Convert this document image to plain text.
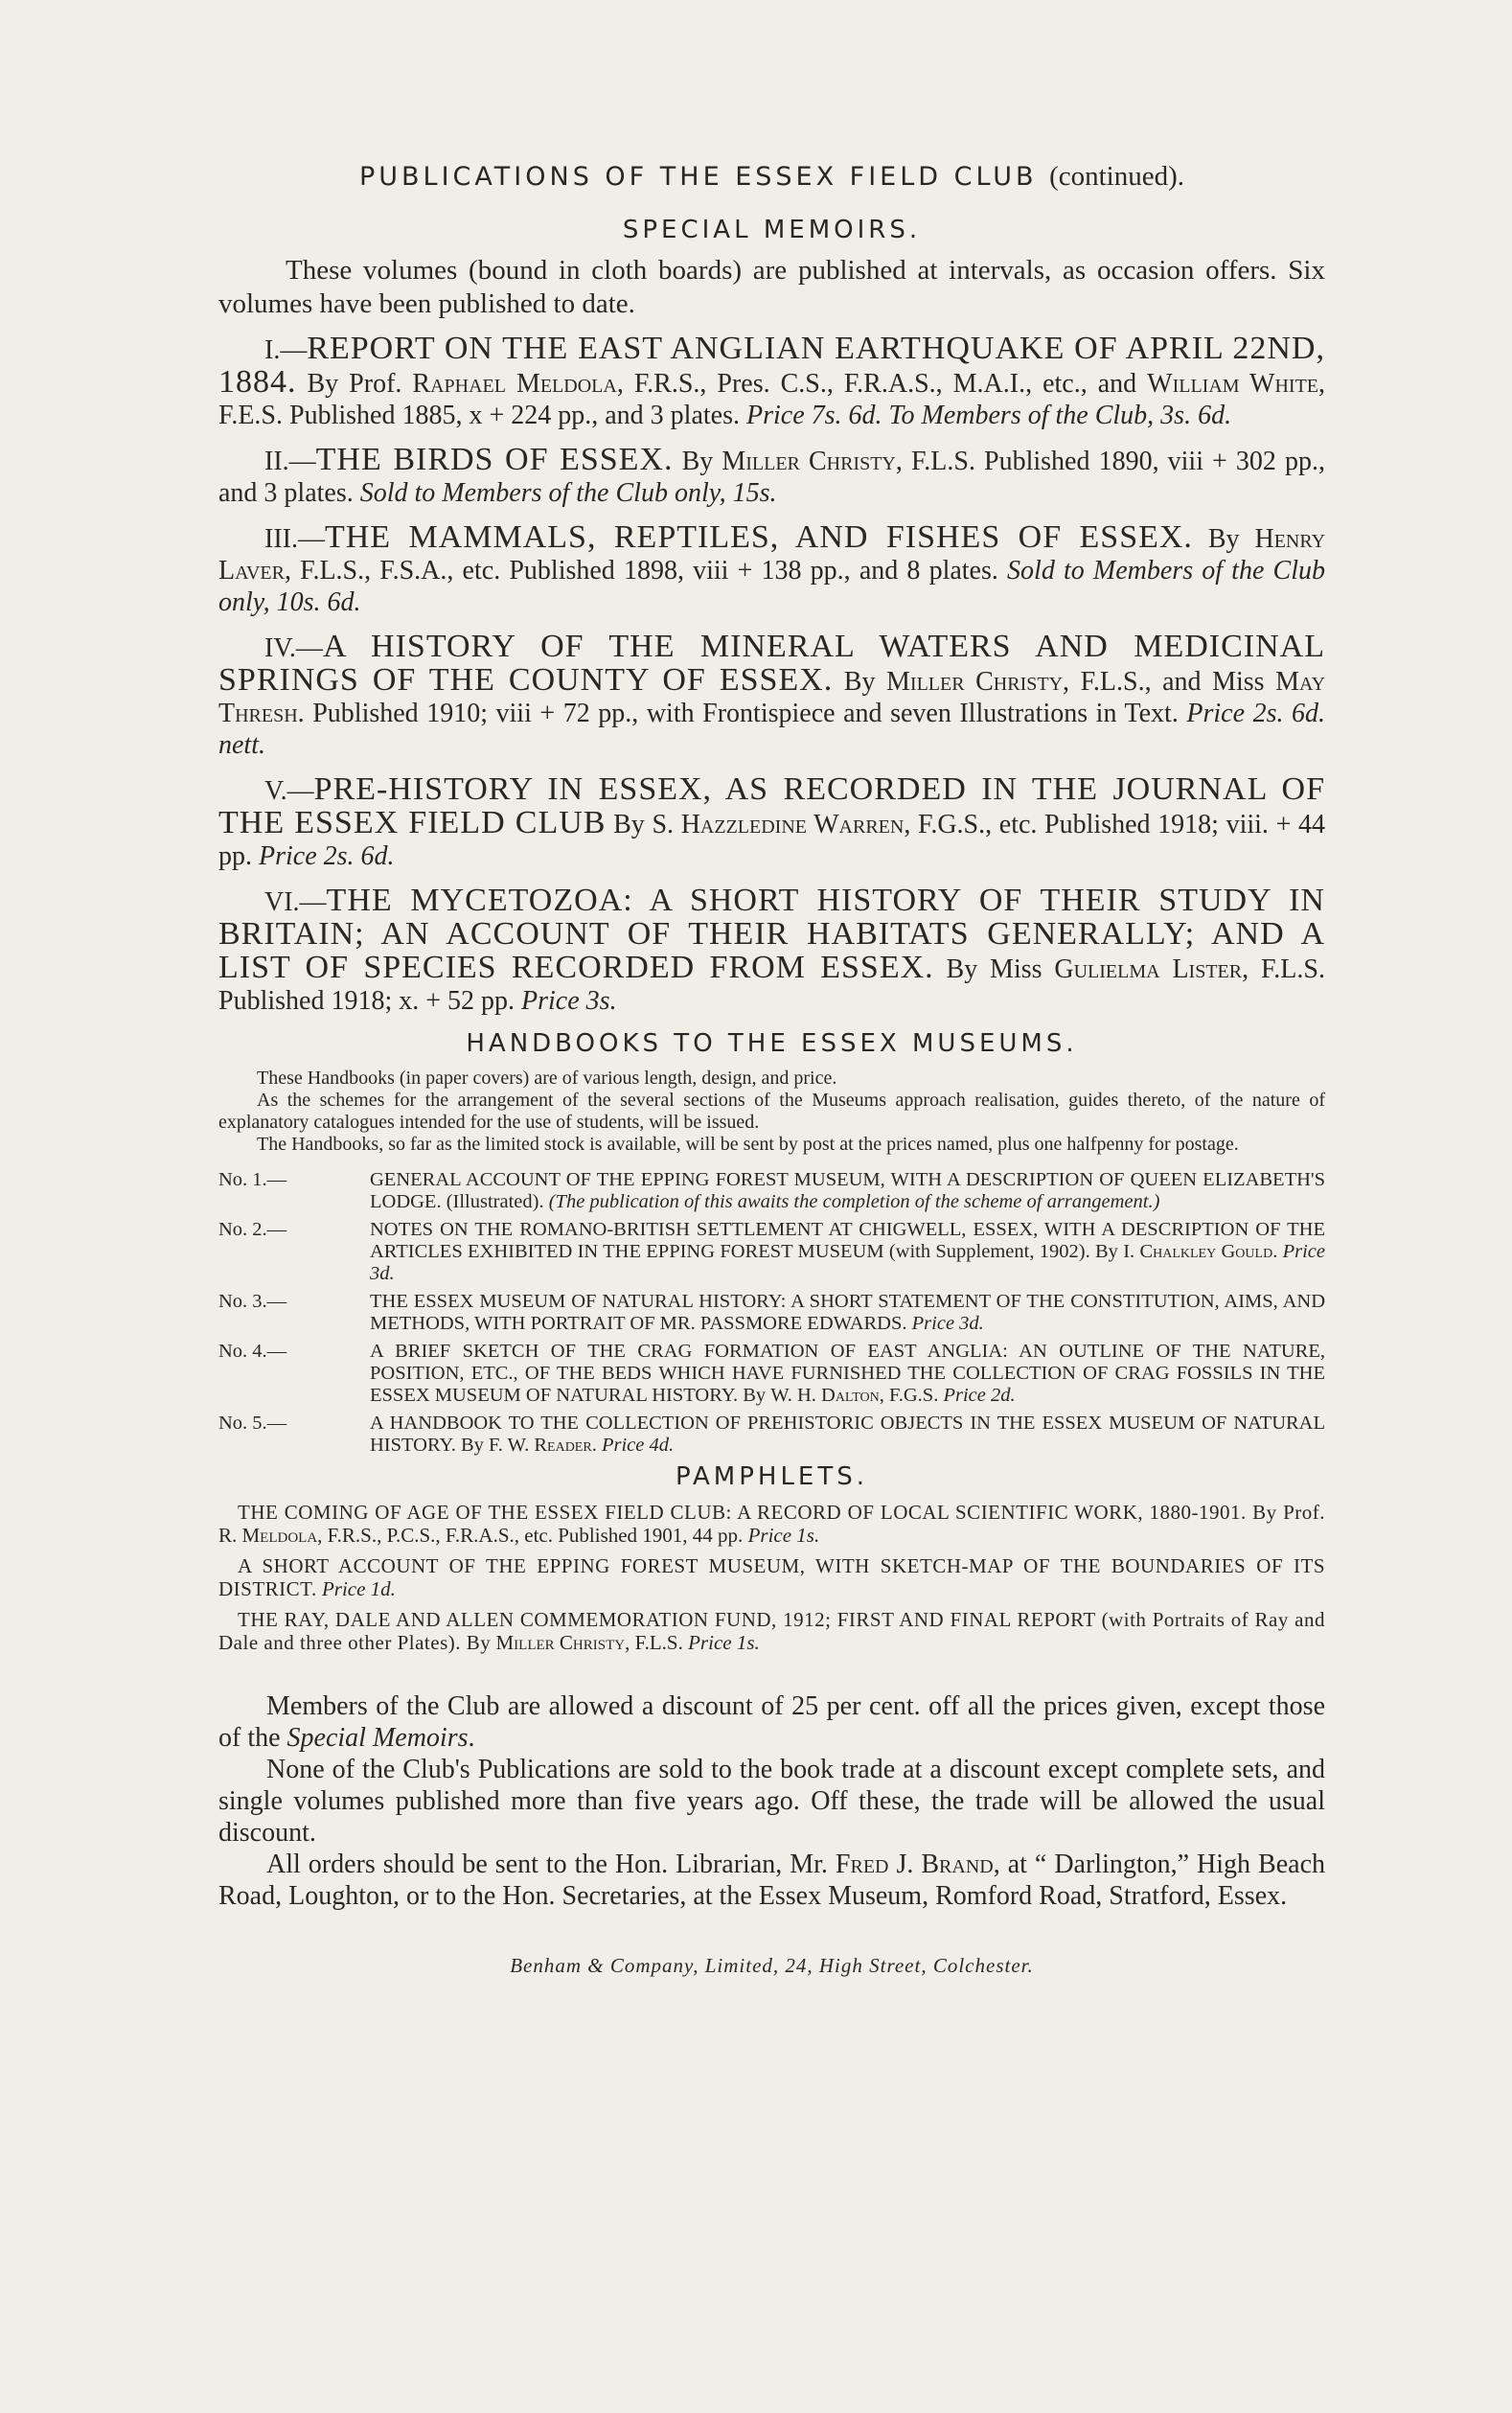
PUBLICATIONS OF THE ESSEX FIELD CLUB (continued).
SPECIAL MEMOIRS.

These volumes (bound in cloth boards) are published at intervals, as occasion offers. Six volumes have been published to date.

I.—REPORT ON THE EAST ANGLIAN EARTHQUAKE OF APRIL 22ND, 1884. By Prof. Raphael Meldola, F.R.S., Pres. C.S., F.R.A.S., M.A.I., etc., and William White, F.E.S. Published 1885, x + 224 pp., and 3 plates. Price 7s. 6d. To Members of the Club, 3s. 6d.

II.—THE BIRDS OF ESSEX. By Miller Christy, F.L.S. Published 1890, viii + 302 pp., and 3 plates. Sold to Members of the Club only, 15s.

III.—THE MAMMALS, REPTILES, AND FISHES OF ESSEX. By Henry Laver, F.L.S., F.S.A., etc. Published 1898, viii + 138 pp., and 8 plates. Sold to Members of the Club only, 10s. 6d.

IV.—A HISTORY OF THE MINERAL WATERS AND MEDICINAL SPRINGS OF THE COUNTY OF ESSEX. By Miller Christy, F.L.S., and Miss May Thresh. Published 1910; viii + 72 pp., with Frontispiece and seven Illustrations in Text. Price 2s. 6d. nett.

V.—PRE-HISTORY IN ESSEX, AS RECORDED IN THE JOURNAL OF THE ESSEX FIELD CLUB By S. Hazzledine Warren, F.G.S., etc. Published 1918; viii. + 44 pp. Price 2s. 6d.

VI.—THE MYCETOZOA: A SHORT HISTORY OF THEIR STUDY IN BRITAIN; AN ACCOUNT OF THEIR HABITATS GENERALLY; AND A LIST OF SPECIES RECORDED FROM ESSEX. By Miss Gulielma Lister, F.L.S. Published 1918; x. + 52 pp. Price 3s.

HANDBOOKS TO THE ESSEX MUSEUMS.

These Handbooks (in paper covers) are of various length, design, and price.

As the schemes for the arrangement of the several sections of the Museums approach realisation, guides thereto, of the nature of explanatory catalogues intended for the use of students, will be issued.

The Handbooks, so far as the limited stock is available, will be sent by post at the prices named, plus one halfpenny for postage.

No. 1.—	GENERAL ACCOUNT OF THE EPPING FOREST MUSEUM, WITH A DESCRIPTION OF QUEEN ELIZABETH'S LODGE. (Illustrated). (The publication of this awaits the completion of the scheme of arrangement.)

No. 2.—	NOTES ON THE ROMANO-BRITISH SETTLEMENT AT CHIGWELL, ESSEX, WITH A DESCRIPTION OF THE ARTICLES EXHIBITED IN THE EPPING FOREST MUSEUM (with Supplement, 1902). By I. Chalkley Gould. Price 3d.

No. 3.—	THE ESSEX MUSEUM OF NATURAL HISTORY: A SHORT STATEMENT OF THE CONSTITUTION, AIMS, AND METHODS, WITH PORTRAIT OF MR. PASSMORE EDWARDS. Price 3d.

No. 4.—	A BRIEF SKETCH OF THE CRAG FORMATION OF EAST ANGLIA: AN OUTLINE OF THE NATURE, POSITION, ETC., OF THE BEDS WHICH HAVE FURNISHED THE COLLECTION OF CRAG FOSSILS IN THE ESSEX MUSEUM OF NATURAL HISTORY. By W. H. Dalton, F.G.S. Price 2d.

No. 5.—	A HANDBOOK TO THE COLLECTION OF PREHISTORIC OBJECTS IN THE ESSEX MUSEUM OF NATURAL HISTORY. By F. W. Reader. Price 4d.

PAMPHLETS.

THE COMING OF AGE OF THE ESSEX FIELD CLUB: A RECORD OF LOCAL SCIENTIFIC WORK, 1880-1901. By Prof. R. Meldola, F.R.S., P.C.S., F.R.A.S., etc. Published 1901, 44 pp. Price 1s.

A SHORT ACCOUNT OF THE EPPING FOREST MUSEUM, WITH SKETCH-MAP OF THE BOUNDARIES OF ITS DISTRICT. Price 1d.

THE RAY, DALE AND ALLEN COMMEMORATION FUND, 1912; FIRST AND FINAL REPORT (with Portraits of Ray and Dale and three other Plates). By Miller Christy, F.L.S. Price 1s.

Members of the Club are allowed a discount of 25 per cent. off all the prices given, except those of the Special Memoirs.

None of the Club's Publications are sold to the book trade at a discount except complete sets, and single volumes published more than five years ago. Off these, the trade will be allowed the usual discount.

All orders should be sent to the Hon. Librarian, Mr. Fred J. Brand, at “ Darlington,” High Beach Road, Loughton, or to the Hon. Secretaries, at the Essex Museum, Romford Road, Stratford, Essex.

Benham & Company, Limited, 24, High Street, Colchester.
